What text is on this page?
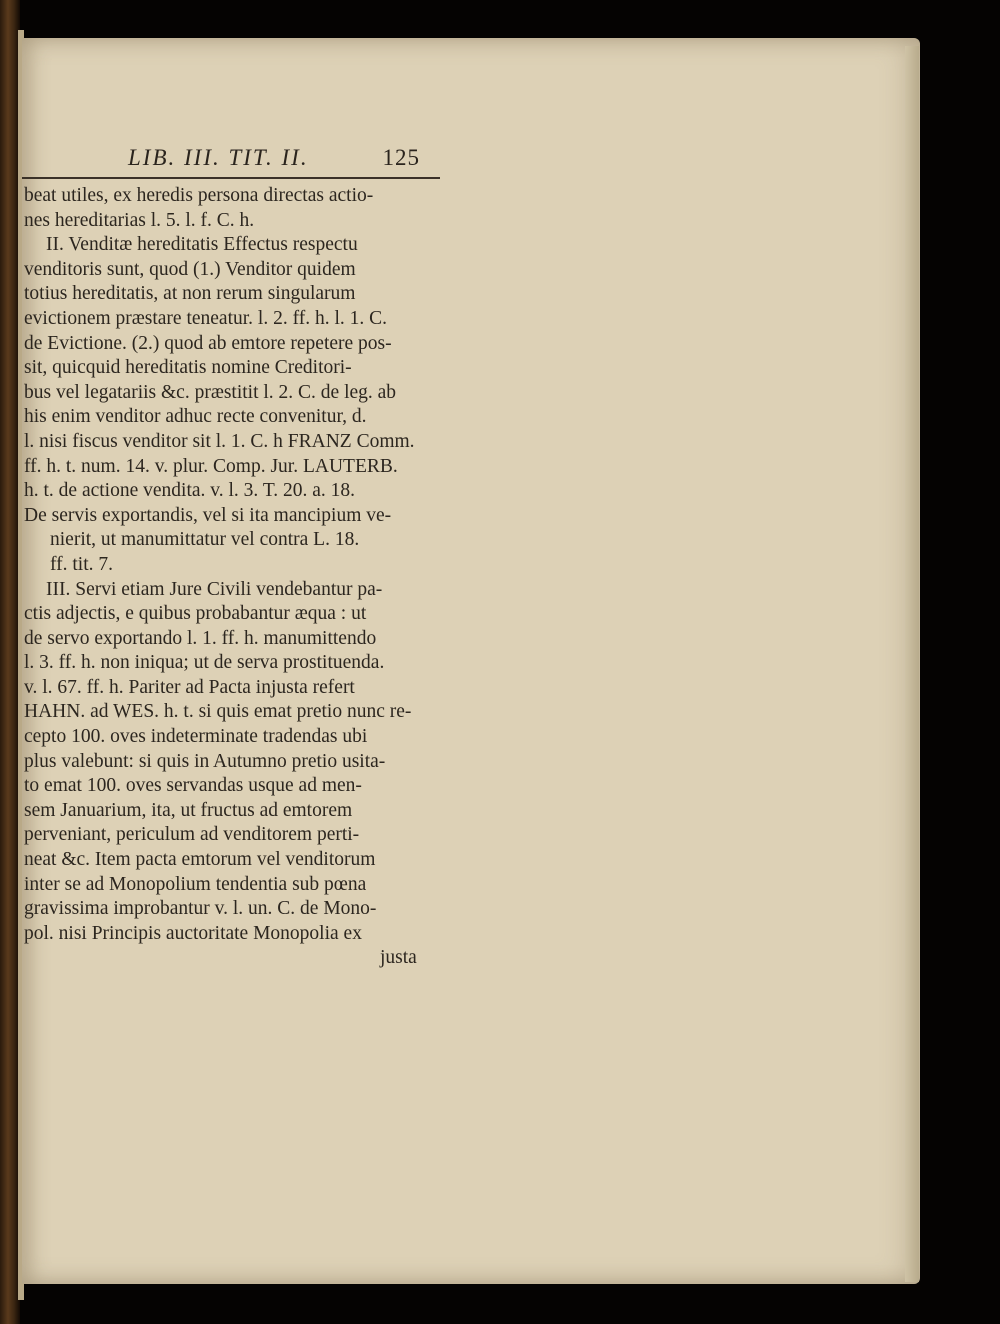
LIB. III. TIT. II.	125
beat utiles, ex heredis persona directas actio-
nes hereditarias l. 5. l. f. C. h.
II. Venditæ hereditatis Effectus respectu
venditoris sunt, quod (1.) Venditor quidem
totius hereditatis, at non rerum singularum
evictionem præstare teneatur. l. 2. ff. h. l. 1. C.
de Evictione. (2.) quod ab emtore repetere pos-
sit, quicquid hereditatis nomine Creditori-
bus vel legatariis &c. præstitit l. 2. C. de leg. ab
his enim venditor adhuc recte convenitur, d.
l. nisi fiscus venditor sit l. 1. C. h FRANZ Comm.
ff. h. t. num. 14. v. plur. Comp. Jur. LAUTERB.
h. t. de actione vendita. v. l. 3. T. 20. a. 18.
De servis exportandis, vel si ita mancipium ve-
nierit, ut manumittatur vel contra L. 18.
ff. tit. 7.
III. Servi etiam Jure Civili vendebantur pa-
ctis adjectis, e quibus probabantur æqua : ut
de servo exportando l. 1. ff. h. manumittendo
l. 3. ff. h. non iniqua; ut de serva prostituenda.
v. l. 67. ff. h. Pariter ad Pacta injusta refert
HAHN. ad WES. h. t. si quis emat pretio nunc re-
cepto 100. oves indeterminate tradendas ubi
plus valebunt: si quis in Autumno pretio usita-
to emat 100. oves servandas usque ad men-
sem Januarium, ita, ut fructus ad emtorem
perveniant, periculum ad venditorem perti-
neat &c. Item pacta emtorum vel venditorum
inter se ad Monopolium tendentia sub pœna
gravissima improbantur v. l. un. C. de Mono-
pol. nisi Principis auctoritate Monopolia ex
justa
